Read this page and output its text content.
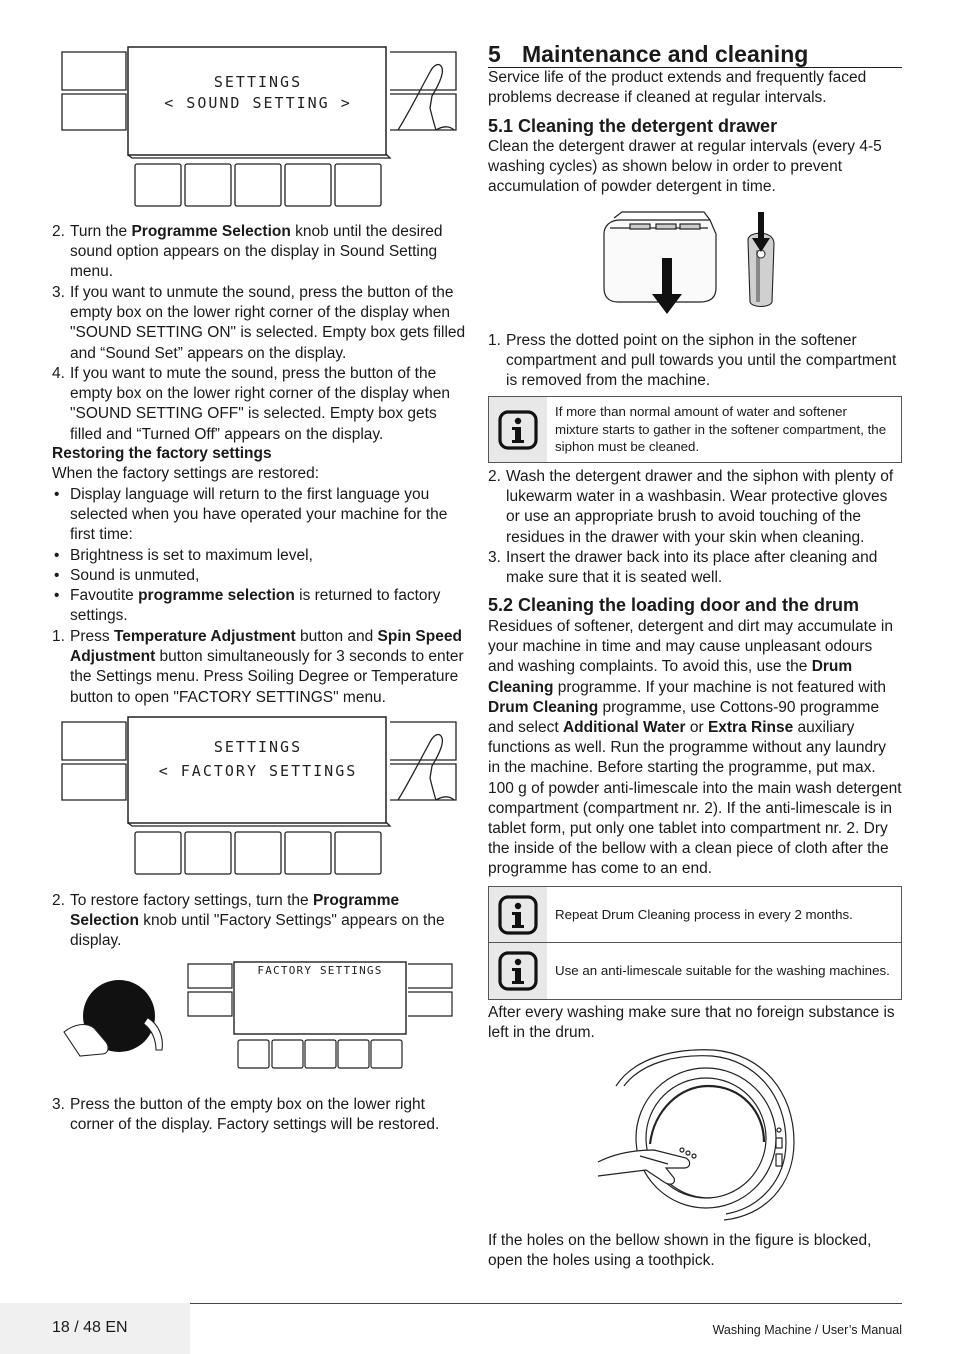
SETTINGS
< SOUND SETTING >
2. Turn the Programme Selection knob until the desired sound option appears on the display in Sound Setting menu.
3. If you want to unmute the sound, press the button of the empty box on the lower right corner of the display when "SOUND SETTING ON" is selected. Empty box gets filled and “Sound Set” appears on the display.
4. If you want to mute the sound, press the button of the empty box on the lower right corner of the display when "SOUND SETTING OFF" is selected. Empty box gets filled and “Turned Off” appears on the display.
Restoring the factory settings
When the factory settings are restored:
• Display language will return to the first language you selected when you have operated your machine for the first time:
• Brightness is set to maximum level,
• Sound is unmuted,
• Favoutite programme selection is returned to factory settings.
1. Press Temperature Adjustment button and Spin Speed Adjustment button simultaneously for 3 seconds to enter the Settings menu. Press Soiling Degree or Temperature button to open "FACTORY SETTINGS" menu.
SETTINGS
< FACTORY SETTINGS
2. To restore factory settings, turn the Programme Selection knob until "Factory Settings" appears on the display.
FACTORY SETTINGS
3. Press the button of the empty box on the lower right corner of the display. Factory settings will be restored.
5 Maintenance and cleaning
Service life of the product extends and frequently faced problems decrease if cleaned at regular intervals.
5.1 Cleaning the detergent drawer
Clean the detergent drawer at regular intervals (every 4-5 washing cycles) as shown below in order to prevent accumulation of powder detergent in time.
1. Press the dotted point on the siphon in the softener compartment and pull towards you until the compartment is removed from the machine.
If more than normal amount of water and softener mixture starts to gather in the softener compartment, the siphon must be cleaned.
2. Wash the detergent drawer and the siphon with plenty of lukewarm water in a washbasin. Wear protective gloves or use an appropriate brush to avoid touching of the residues in the drawer with your skin when cleaning.
3. Insert the drawer back into its place after cleaning and make sure that it is seated well.
5.2 Cleaning the loading door and the drum
Residues of softener, detergent and dirt may accumulate in your machine in time and may cause unpleasant odours and washing complaints. To avoid this, use the Drum Cleaning programme. If your machine is not featured with Drum Cleaning programme, use Cottons-90 programme and select Additional Water or Extra Rinse auxiliary functions as well. Run the programme without any laundry in the machine. Before starting the programme, put max. 100 g of powder anti-limescale into the main wash detergent compartment (compartment nr. 2). If the anti-limescale is in tablet form, put only one tablet into compartment nr. 2. Dry the inside of the bellow with a clean piece of cloth after the programme has come to an end.
Repeat Drum Cleaning process in every 2 months.
Use an anti-limescale suitable for the washing machines.
After every washing make sure that no foreign substance is left in the drum.
If the holes on the bellow shown in the figure is blocked, open the holes using a toothpick.
18 / 48 EN	Washing Machine / User’s Manual
